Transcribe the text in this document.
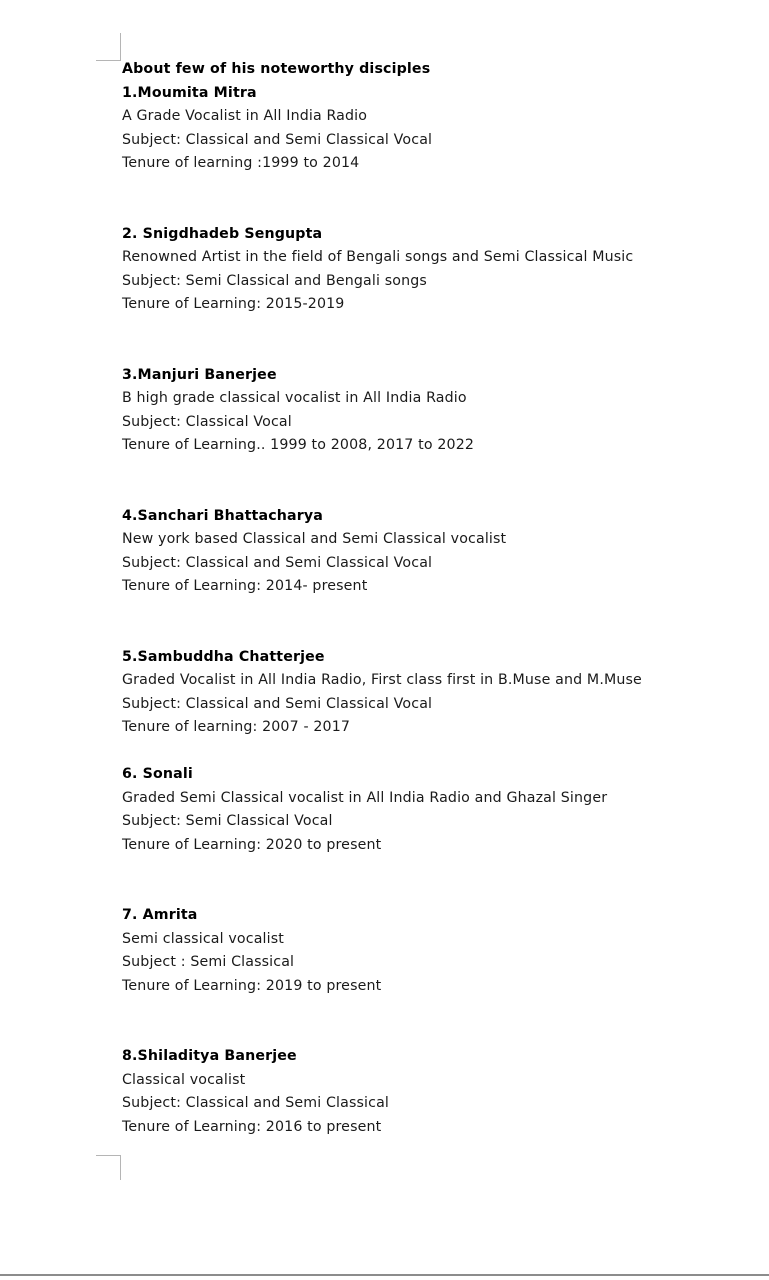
About few of his noteworthy disciples
1.Moumita Mitra
A Grade Vocalist in All India Radio
Subject: Classical and Semi Classical Vocal
Tenure of learning :1999 to 2014
2. Snigdhadeb Sengupta
Renowned Artist in the field of Bengali songs and Semi Classical Music
Subject: Semi Classical and Bengali songs
Tenure of Learning: 2015-2019
3.Manjuri Banerjee
B high grade classical vocalist in All India Radio
Subject: Classical Vocal
Tenure of Learning.. 1999 to 2008, 2017 to 2022
4.Sanchari Bhattacharya
New york based Classical and Semi Classical vocalist
Subject: Classical and Semi Classical Vocal
Tenure of Learning: 2014- present
5.Sambuddha Chatterjee
Graded Vocalist in All India Radio, First class first in B.Muse and M.Muse
Subject: Classical and Semi Classical Vocal
Tenure of learning: 2007 - 2017
6. Sonali
Graded Semi Classical vocalist in All India Radio and Ghazal Singer
Subject: Semi Classical Vocal
Tenure of Learning: 2020 to present
7. Amrita
Semi classical vocalist
Subject : Semi Classical
Tenure of Learning: 2019 to present
8.Shiladitya Banerjee
Classical vocalist
Subject: Classical and Semi Classical
Tenure of Learning: 2016 to present
